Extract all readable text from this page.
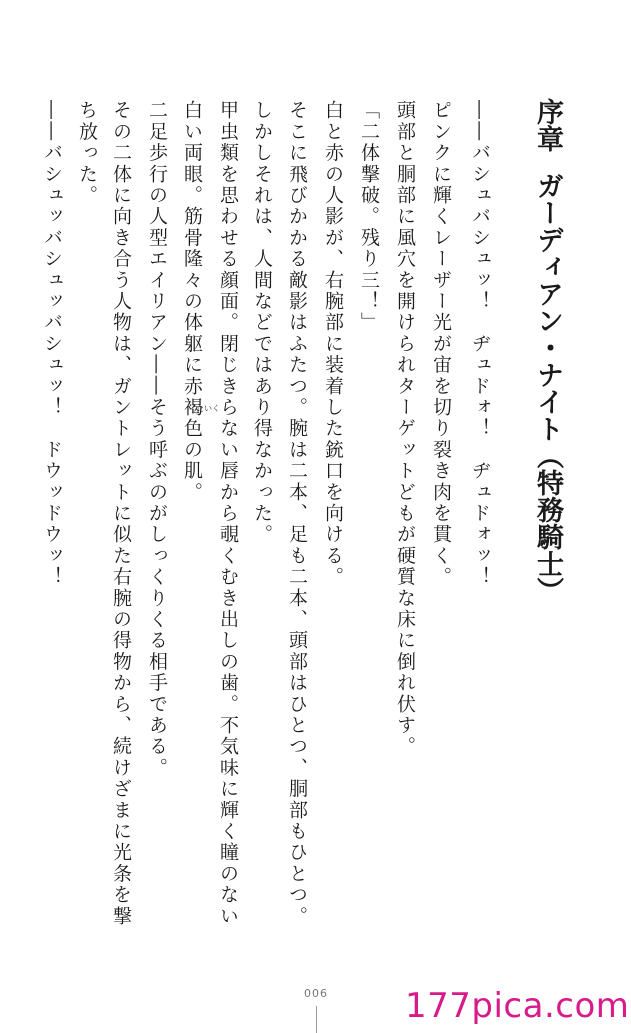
序章ガーディアン・ナイト（特務騎士）
――バシュバシュッ！　ヂュドォ！　ヂュドォッ！
ピンクに輝くレーザー光が宙を切り裂き肉を貫く。
頭部と胴部に風穴を開けられターゲットどもが硬質な床に倒れ伏す。
「二体撃破。残り三！」
白と赤の人影が、右腕部に装着した銃口を向ける。
そこに飛びかかる敵影はふたつ。腕は二本、足も二本、頭部はひとつ、胴部もひとつ。
しかしそれは、人間などではあり得なかった。
甲虫類を思わせる顔面。閉じきらない唇から覗くむき出しの歯。不気味に輝く瞳のない
白い両眼。筋骨隆々の体躯に赤褐色の肌。
二足歩行の人型エイリアン――そう呼ぶのがしっくりくる相手である。
その二体に向き合う人物は、ガントレットに似た右腕の得物から、続けざまに光条を撃
ち放った。
――バシュッバシュッバシュッ！　ドウッドウッ！	たいく
006 177pica.com
